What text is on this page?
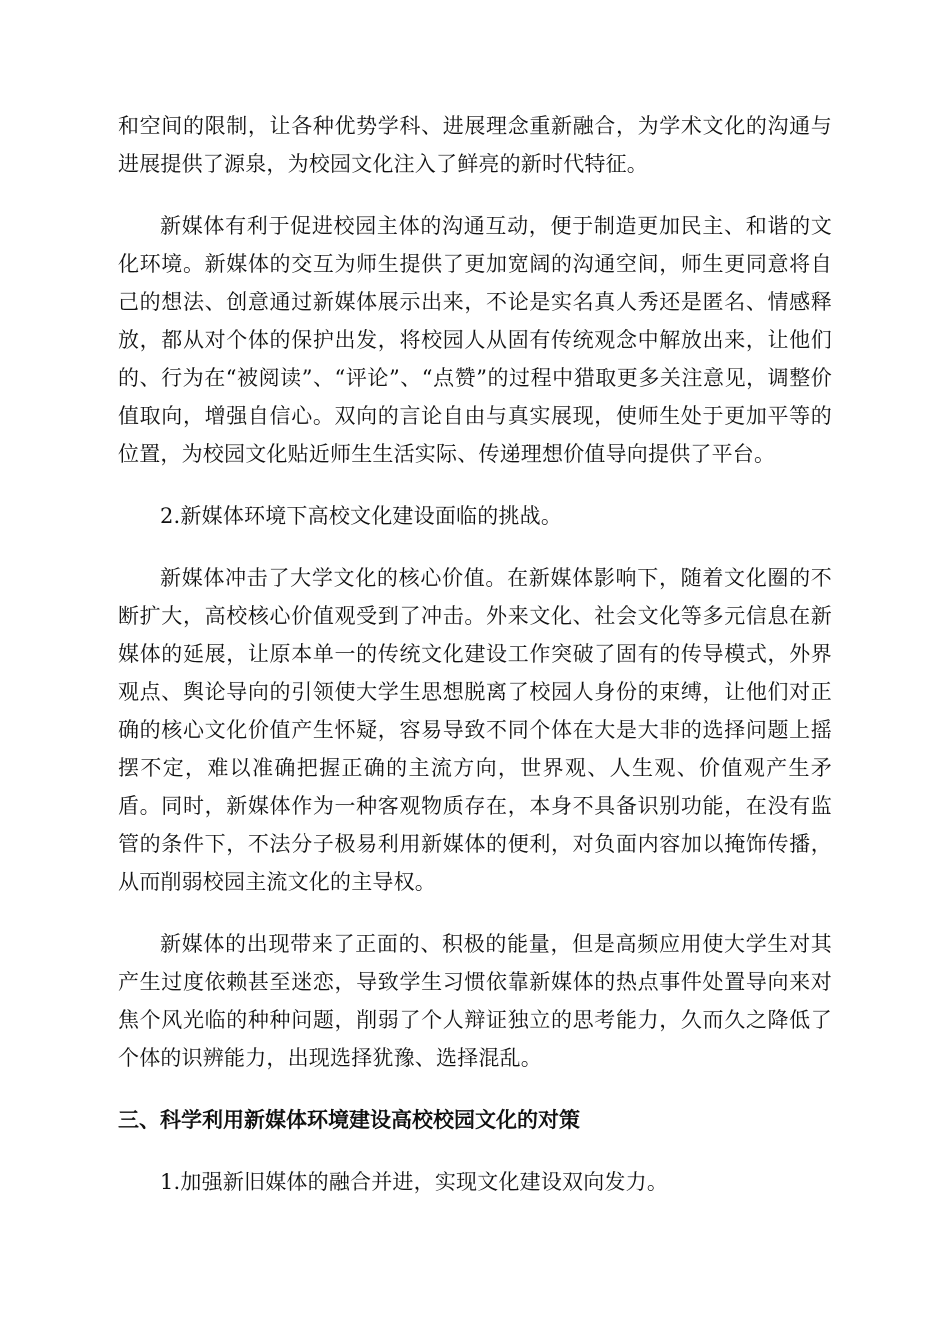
和空间的限制，让各种优势学科、进展理念重新融合，为学术文化的沟通与进展提供了源泉，为校园文化注入了鲜亮的新时代特征。

新媒体有利于促进校园主体的沟通互动，便于制造更加民主、和谐的文化环境。新媒体的交互为师生提供了更加宽阔的沟通空间，师生更同意将自己的想法、创意通过新媒体展示出来，不论是实名真人秀还是匿名、情感释放，都从对个体的保护出发，将校园人从固有传统观念中解放出来，让他们的、行为在“被阅读”、“评论”、“点赞”的过程中猎取更多关注意见，调整价值取向，增强自信心。双向的言论自由与真实展现，使师生处于更加平等的位置，为校园文化贴近师生生活实际、传递理想价值导向提供了平台。

2.新媒体环境下高校文化建设面临的挑战。

新媒体冲击了大学文化的核心价值。在新媒体影响下，随着文化圈的不断扩大，高校核心价值观受到了冲击。外来文化、社会文化等多元信息在新媒体的延展，让原本单一的传统文化建设工作突破了固有的传导模式，外界观点、舆论导向的引领使大学生思想脱离了校园人身份的束缚，让他们对正确的核心文化价值产生怀疑，容易导致不同个体在大是大非的选择问题上摇摆不定，难以准确把握正确的主流方向，世界观、人生观、价值观产生矛盾。同时，新媒体作为一种客观物质存在，本身不具备识别功能，在没有监管的条件下，不法分子极易利用新媒体的便利，对负面内容加以掩饰传播，从而削弱校园主流文化的主导权。

新媒体的出现带来了正面的、积极的能量，但是高频应用使大学生对其产生过度依赖甚至迷恋，导致学生习惯依靠新媒体的热点事件处置导向来对焦个风光临的种种问题，削弱了个人辩证独立的思考能力，久而久之降低了个体的识辨能力，出现选择犹豫、选择混乱。

三、科学利用新媒体环境建设高校校园文化的对策

1.加强新旧媒体的融合并进，实现文化建设双向发力。
